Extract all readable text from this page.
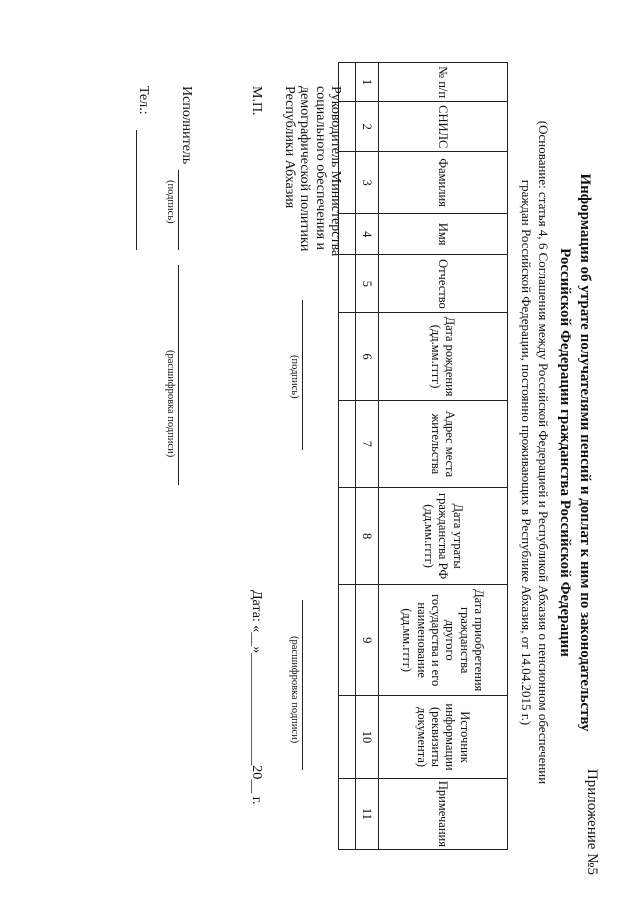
Приложение №5
Информация об утрате получателями пенсий и доплат к ним по законодательству
Российской Федерации гражданства Российской Федерации
(Основание: статья 4, 6 Соглашения между Российской Федерацией и Республикой Абхазия о пенсионном обеспечении
граждан Российской Федерации, постоянно проживающих в Республике Абхазия, от 14.04.2015 г.)
№ п/п	СНИЛС	Фамилия	Имя	Отчество	Дата рождения (дд.мм.гггг)	Адрес места жительства	Дата утраты гражданства РФ (дд.мм.гггг)	Дата приобретения гражданства другого государства и его наименование (дд.мм.гггг)	Источник информации (реквизиты документа)	Примечания
1	2	3	4	5	6	7	8	9	10	11

Руководитель Министерства социального обеспечения и демографической политики Республики Абхазия
(подпись)
(расшифровка подписи)
М.П.
Дата: «__»________________20__ г.
Исполнитель
(подпись)
(расшифровка подписи)
Тел.:
